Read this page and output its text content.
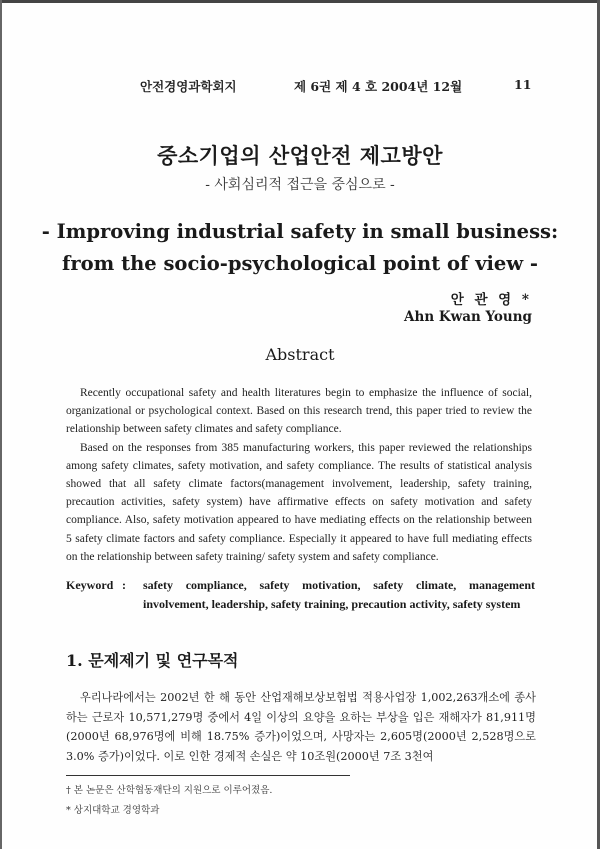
안전경영과학회지	제 6권 제 4 호 2004년 12월	11
중소기업의 산업안전 제고방안
- 사회심리적 접근을 중심으로 -
- Improving industrial safety in small business:
from the socio-psychological point of view -
안 관 영 *
Ahn Kwan Young
Abstract

Recently occupational safety and health literatures begin to emphasize the influence of social, organizational or psychological context. Based on this research trend, this paper tried to review the relationship between safety climates and safety compliance.

Based on the responses from 385 manufacturing workers, this paper reviewed the relationships among safety climates, safety motivation, and safety compliance. The results of statistical analysis showed that all safety climate factors(management involvement, leadership, safety training, precaution activities, safety system) have affirmative effects on safety motivation and safety compliance. Also, safety motivation appeared to have mediating effects on the relationship between 5 safety climate factors and safety compliance. Especially it appeared to have full mediating effects on the relationship between safety training/ safety system and safety compliance.

Keyword : safety compliance, safety motivation, safety climate, management involvement, leadership, safety training, precaution activity, safety system
1. 문제제기 및 연구목적

우리나라에서는 2002년 한 해 동안 산업재해보상보험법 적용사업장 1,002,263개소에 종사하는 근로자 10,571,279명 중에서 4일 이상의 요양을 요하는 부상을 입은 재해자가 81,911명(2000년 68,976명에 비해 18.75% 증가)이었으며, 사망자는 2,605명(2000년 2,528명으로 3.0% 증가)이었다. 이로 인한 경제적 손실은 약 10조원(2000년 7조 3천여

† 본 논문은 산학협동재단의 지원으로 이루어졌음.
* 상지대학교 경영학과
